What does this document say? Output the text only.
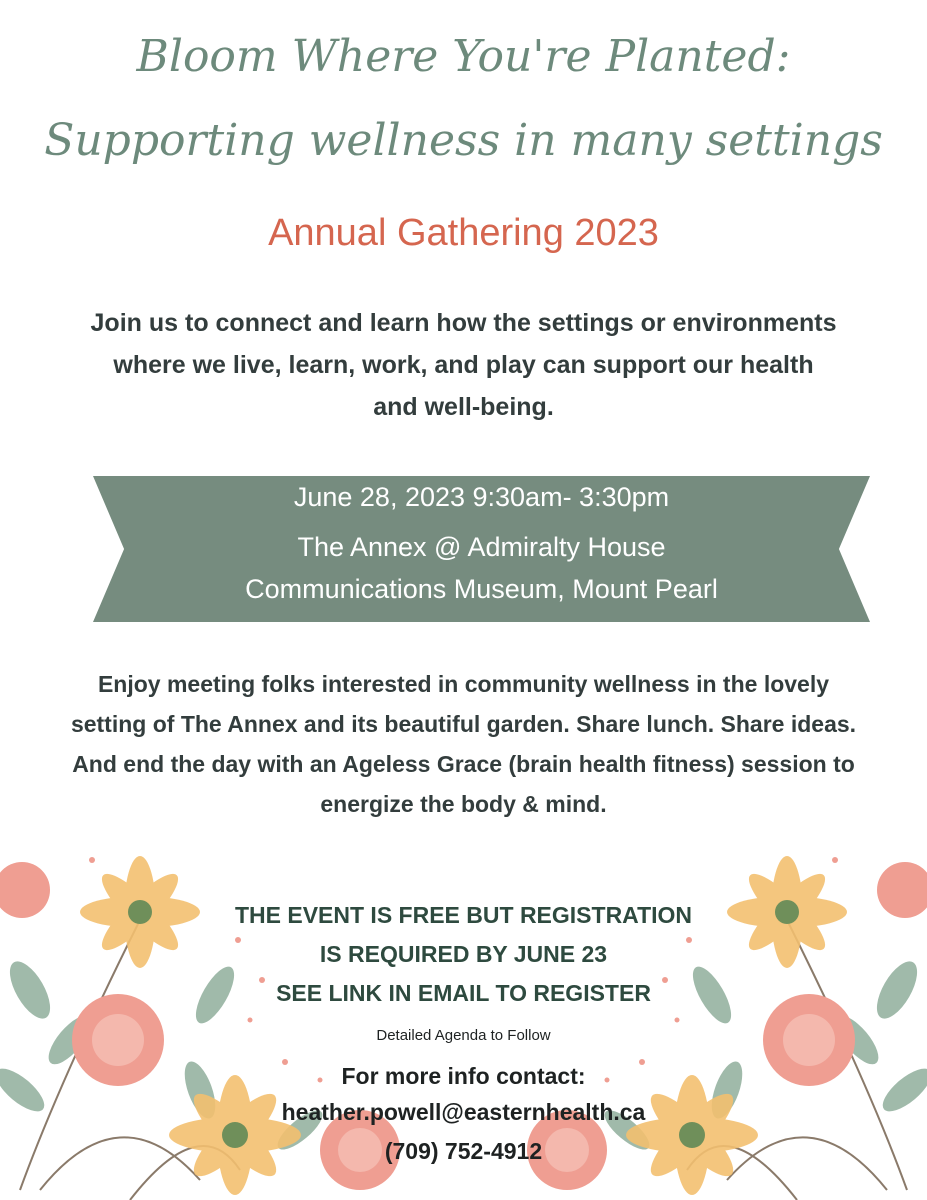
Bloom Where You're Planted:
Supporting wellness in many settings
Annual Gathering 2023
Join us to connect and learn how the settings or environments where we live, learn, work, and play can support our health and well-being.
June 28, 2023 9:30am- 3:30pm
The Annex @ Admiralty House
Communications Museum, Mount Pearl
Enjoy meeting folks interested in community wellness in the lovely setting of The Annex and its beautiful garden. Share lunch. Share ideas. And end the day with an Ageless Grace (brain health fitness) session to energize the body & mind.
THE EVENT IS FREE BUT REGISTRATION
IS REQUIRED BY JUNE 23
SEE LINK IN EMAIL TO REGISTER
Detailed Agenda to Follow
For more info contact:
heather.powell@easternhealth.ca
(709) 752-4912
